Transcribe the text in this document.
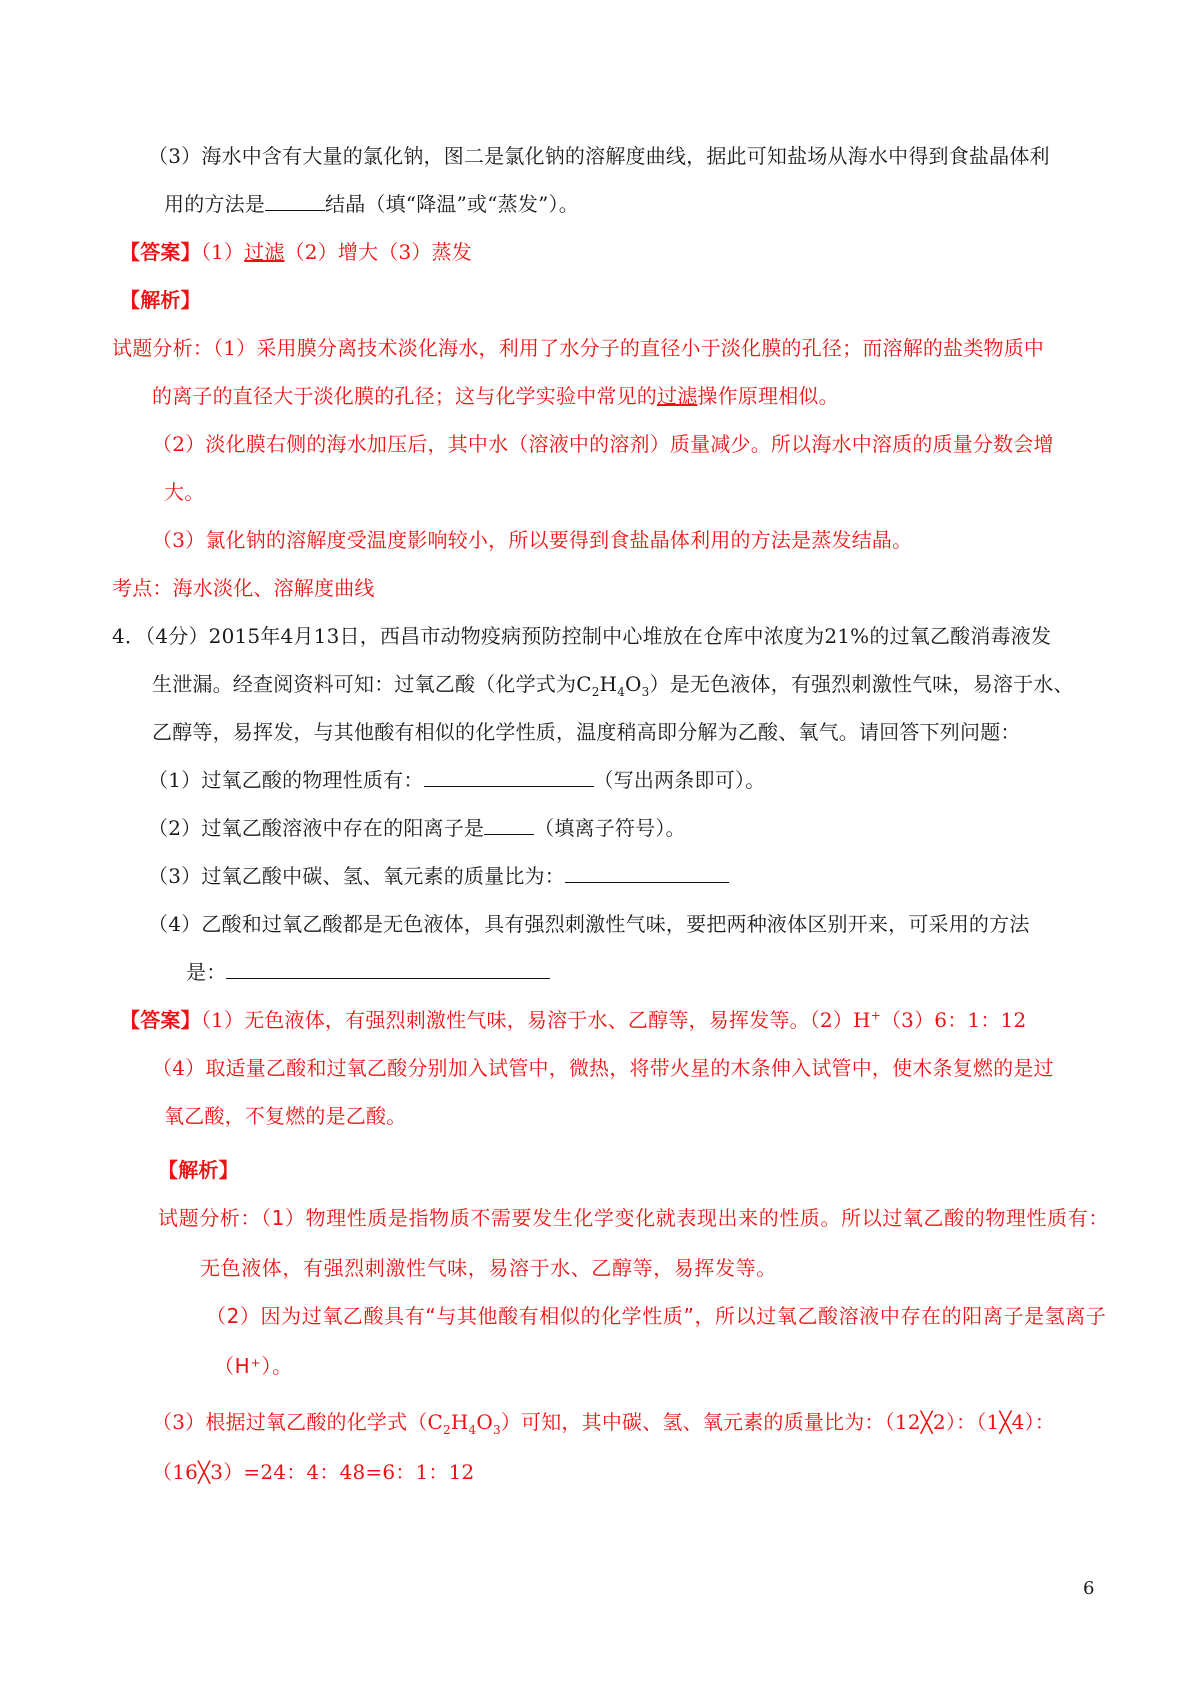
（3）海水中含有大量的氯化钠，图二是氯化钠的溶解度曲线，据此可知盐场从海水中得到食盐晶体利
用的方法是	结晶（填“降温”或“蒸发”）。
【答案】（1）过滤（2）增大（3）蒸发
【解析】
试题分析：（1）采用膜分离技术淡化海水，利用了水分子的直径小于淡化膜的孔径；而溶解的盐类物质中
的离子的直径大于淡化膜的孔径；这与化学实验中常见的过滤操作原理相似。
（2）淡化膜右侧的海水加压后，其中水（溶液中的溶剂）质量减少。所以海水中溶质的质量分数会增
大。
（3）氯化钠的溶解度受温度影响较小，所以要得到食盐晶体利用的方法是蒸发结晶。
考点：海水淡化、溶解度曲线
4．（4分）2015年4月13日，西昌市动物疫病预防控制中心堆放在仓库中浓度为21%的过氧乙酸消毒液发
生泄漏。经查阅资料可知：过氧乙酸（化学式为$C_2H_4O_3$）是无色液体，有强烈刺激性气味，易溶于水、
乙醇等，易挥发，与其他酸有相似的化学性质，温度稍高即分解为乙酸、氧气。请回答下列问题：
（1）过氧乙酸的物理性质有：	（写出两条即可）。
（2）过氧乙酸溶液中存在的阳离子是	（填离子符号）。
（3）过氧乙酸中碳、氢、氧元素的质量比为：
（4）乙酸和过氧乙酸都是无色液体，具有强烈刺激性气味，要把两种液体区别开来，可采用的方法
是：
【答案】（1）无色液体，有强烈刺激性气味，易溶于水、乙醇等，易挥发等。（2）H+（3）6：1：12
（4）取适量乙酸和过氧乙酸分别加入试管中，微热，将带火星的木条伸入试管中，使木条复燃的是过
氧乙酸，不复燃的是乙酸。
【解析】
试题分析：（1）物理性质是指物质不需要发生化学变化就表现出来的性质。所以过氧乙酸的物理性质有：
无色液体，有强烈刺激性气味，易溶于水、乙醇等，易挥发等。
（2）因为过氧乙酸具有“与其他酸有相似的化学性质”，所以过氧乙酸溶液中存在的阳离子是氢离子
（H⁺）。
（3）根据过氧乙酸的化学式$(C_2H_4O_3)$可知，其中碳、氢、氧元素的质量比为：（12╳2）：（1╳4）：
（16╳3）=24：4：48=6：1：12
6
